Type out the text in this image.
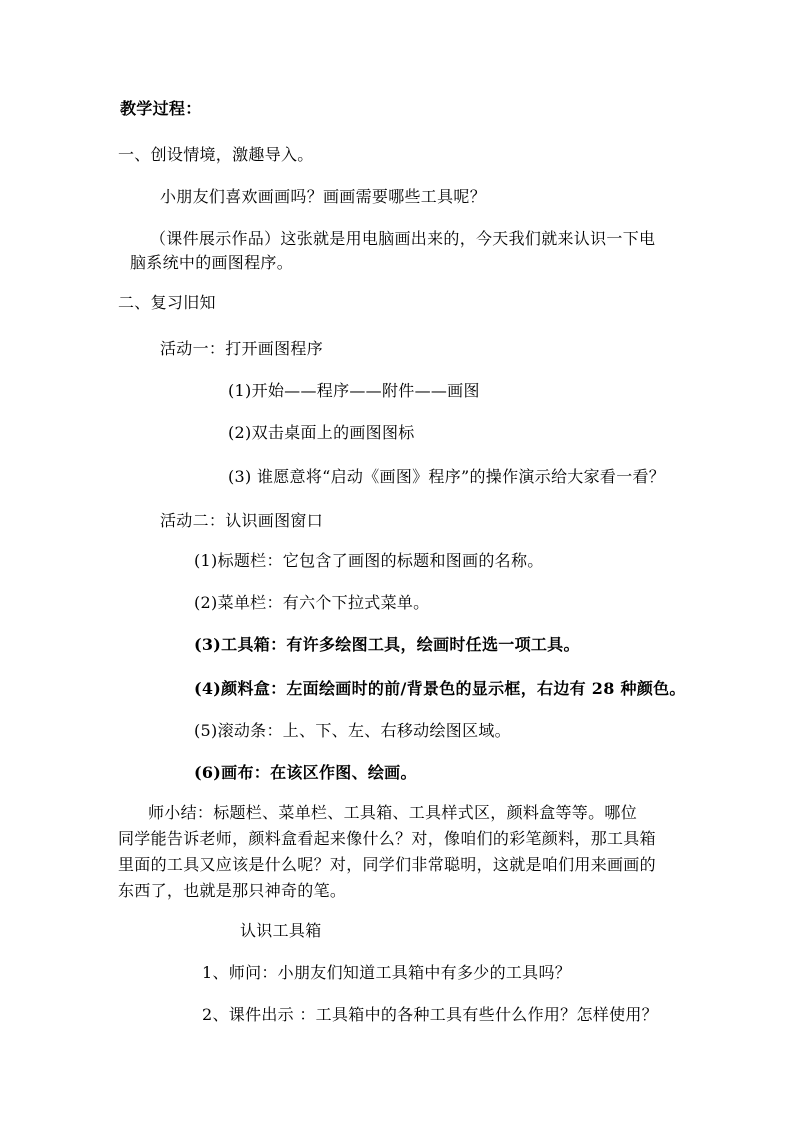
教学过程：
一、创设情境，激趣导入。
小朋友们喜欢画画吗？画画需要哪些工具呢？
（课件展示作品）这张就是用电脑画出来的，今天我们就来认识一下电
脑系统中的画图程序。
二、复习旧知
活动一：打开画图程序
(1)开始——程序——附件——画图
(2)双击桌面上的画图图标
(3) 谁愿意将“启动《画图》程序”的操作演示给大家看一看？
活动二：认识画图窗口
(1)标题栏：它包含了画图的标题和图画的名称。
(2)菜单栏：有六个下拉式菜单。
(3)工具箱：有许多绘图工具，绘画时任选一项工具。
(4)颜料盒：左面绘画时的前/背景色的显示框，右边有 28 种颜色。
(5)滚动条：上、下、左、右移动绘图区域。
(6)画布：在该区作图、绘画。
师小结：标题栏、菜单栏、工具箱、工具样式区，颜料盒等等。哪位
同学能告诉老师，颜料盒看起来像什么？对，像咱们的彩笔颜料，那工具箱
里面的工具又应该是什么呢？对，同学们非常聪明，这就是咱们用来画画的
东西了，也就是那只神奇的笔。
认识工具箱
1、师问：小朋友们知道工具箱中有多少的工具吗？
2、课件出示 ：工具箱中的各种工具有些什么作用？怎样使用？
